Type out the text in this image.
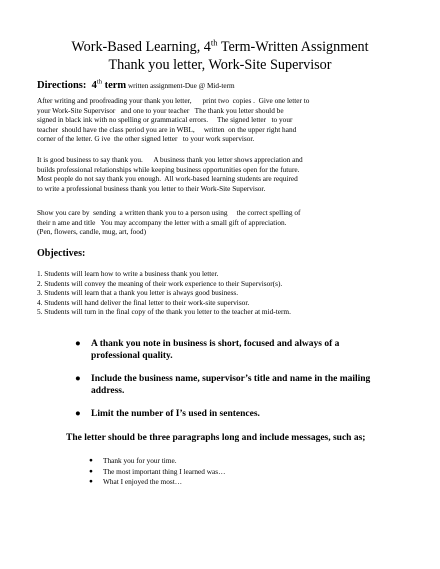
Work-Based Learning, 4th Term-Written Assignment
Thank you letter, Work-Site Supervisor
Directions: 4th term written assignment-Due @ Mid-term
After writing and proofreading your thank you letter,      print two  copies .  Give one letter to
your Work-Site Supervisor   and one to your teacher   The thank you letter should be
signed in black ink with no spelling or grammatical errors.     The signed letter   to your
teacher  should have the class period you are in WBL,     written  on the upper right hand
corner of the letter. G ive  the other signed letter   to your work supervisor.
It is good business to say thank you.      A business thank you letter shows appreciation and
builds professional relationships while keeping business opportunities open for the future.
Most people do not say thank you enough.  All work-based learning students are required
to write a professional business thank you letter to their Work-Site Supervisor.
Show you care by  sending  a written thank you to a person using     the correct spelling of
their n ame and title   You may accompany the letter with a small gift of appreciation.
(Pen, flowers, candle, mug, art, food)
Objectives:
1. Students will learn how to write a business thank you letter.
2. Students will convey the meaning of their work experience to their Supervisor(s).
3. Students will learn that a thank you letter is always good business.
4. Students will hand deliver the final letter to their work-site supervisor.
5. Students will turn in the final copy of the thank you letter to the teacher at mid-term.
● A thank you note in business is short, focused and always of a
professional quality.
● Include the business name, supervisor’s title and name in the mailing
address.
● Limit the number of I’s used in sentences.
The letter should be three paragraphs long and include messages, such as;
● Thank you for your time.
● The most important thing I learned was…
● What I enjoyed the most…
